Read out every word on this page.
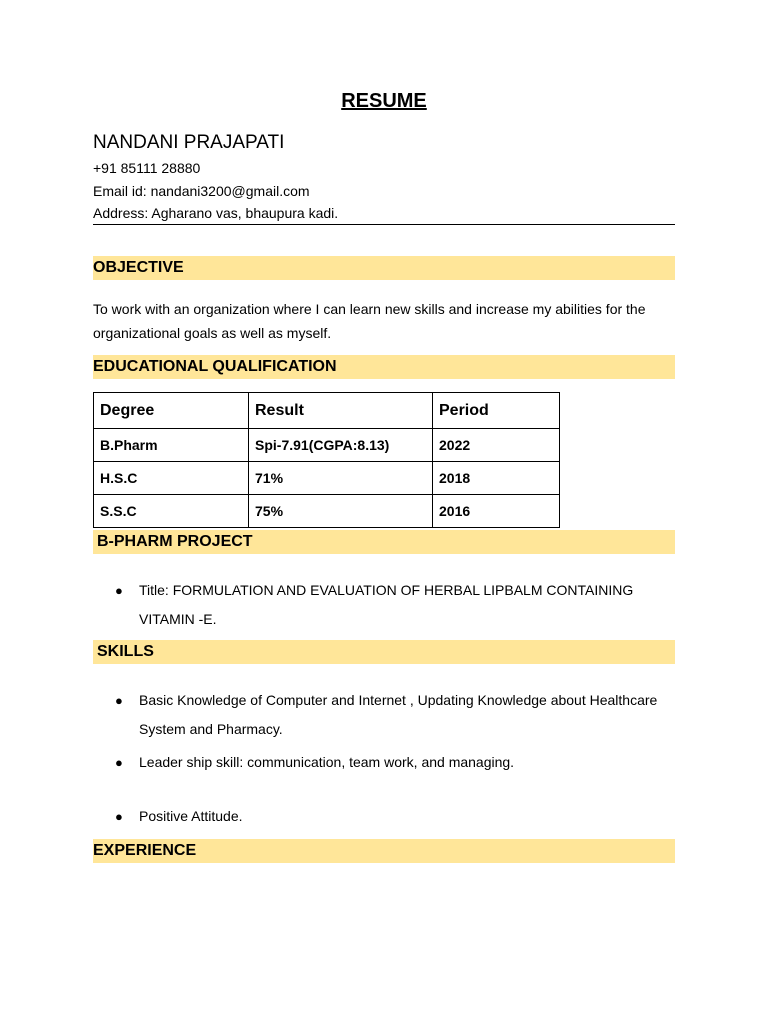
RESUME
NANDANI PRAJAPATI
+91 85111 28880
Email id: nandani3200@gmail.com
Address: Agharano vas, bhaupura kadi.
OBJECTIVE
To work with an organization where I can learn new skills and increase my abilities for the organizational goals as well as myself.
EDUCATIONAL QUALIFICATION
Degree	Result	Period
B.Pharm	Spi-7.91(CGPA:8.13)	2022
H.S.C	71%	2018
S.S.C	75%	2016
B-PHARM PROJECT
● Title: FORMULATION AND EVALUATION OF HERBAL LIPBALM CONTAINING VITAMIN -E.
SKILLS
● Basic Knowledge of Computer and Internet , Updating Knowledge about Healthcare System and Pharmacy.
● Leader ship skill: communication, team work, and managing.
● Positive Attitude.
EXPERIENCE
